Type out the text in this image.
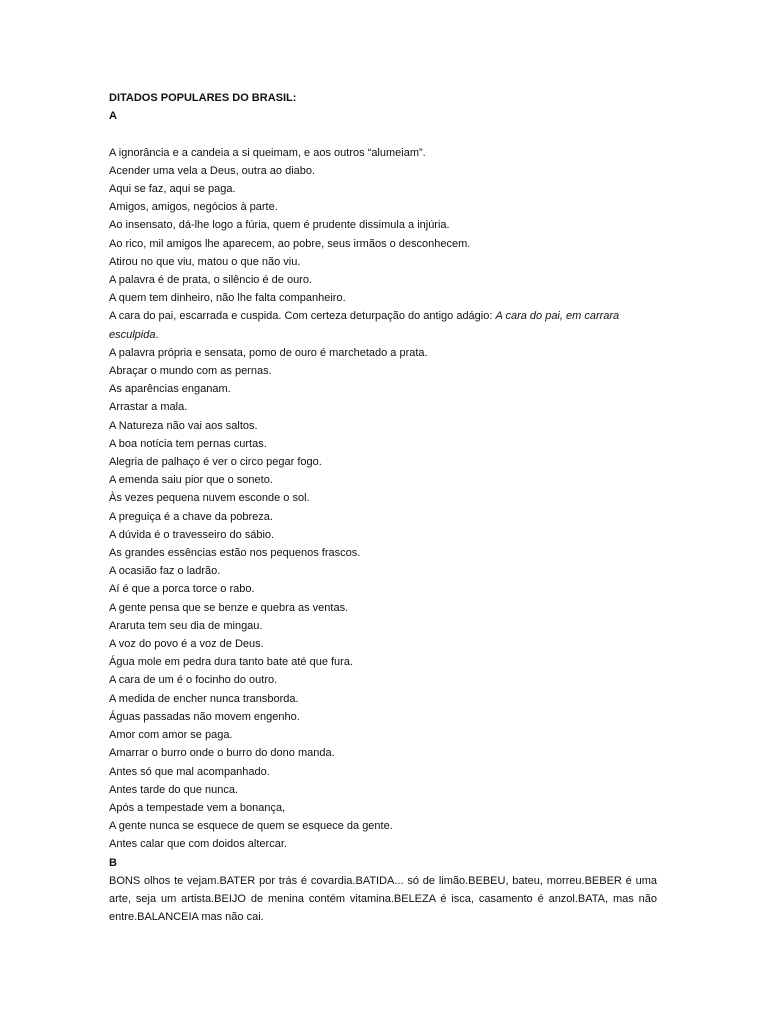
DITADOS POPULARES DO BRASIL:

A

A ignorância e a candeia a si queimam, e aos outros “alumeiam”.

Acender uma vela a Deus, outra ao diabo.

Aqui se faz, aqui se paga.

Amigos, amigos, negócios à parte.

Ao insensato, dá-lhe logo a fúria, quem é prudente dissimula a injúria.

Ao rico, mil amigos lhe aparecem, ao pobre, seus irmãos o desconhecem.

Atirou no que viu, matou o que não viu.

A palavra é de prata, o silêncio é de ouro.

A quem tem dinheiro, não lhe falta companheiro.

A cara do pai, escarrada e cuspida. Com certeza deturpação do antigo adágio: A cara do pai, em carrara esculpida.

A palavra própria e sensata, pomo de ouro é marchetado a prata.

Abraçar o mundo com as pernas.

As aparências enganam.

Arrastar a mala.

A Natureza não vai aos saltos.

A boa notícia tem pernas curtas.

Alegria de palhaço é ver o circo pegar fogo.

A emenda saiu pior que o soneto.

Às vezes pequena nuvem esconde o sol.

A preguiça é a chave da pobreza.

A dúvida é o travesseiro do sábio.

As grandes essências estão nos pequenos frascos.

A ocasião faz o ladrão.

Aí é que a porca torce o rabo.

A gente pensa que se benze e quebra as ventas.

Araruta tem seu dia de mingau.

A voz do povo é a voz de Deus.

Água mole em pedra dura tanto bate até que fura.

A cara de um é o focinho do outro.

A medida de encher nunca transborda.

Águas passadas não movem engenho.

Amor com amor se paga.

Amarrar o burro onde o burro do dono manda.

Antes só que mal acompanhado.

Antes tarde do que nunca.

Após a tempestade vem a bonança,

A gente nunca se esquece de quem se esquece da gente.

Antes calar que com doidos altercar.

B

BONS olhos te vejam.BATER por trás é covardia.BATIDA... só de limão.BEBEU, bateu, morreu.BEBER é uma arte, seja um artista.BEIJO de menina contém vitamina.BELEZA é isca, casamento é anzol.BATA, mas não entre.BALANCEIA mas não cai.
